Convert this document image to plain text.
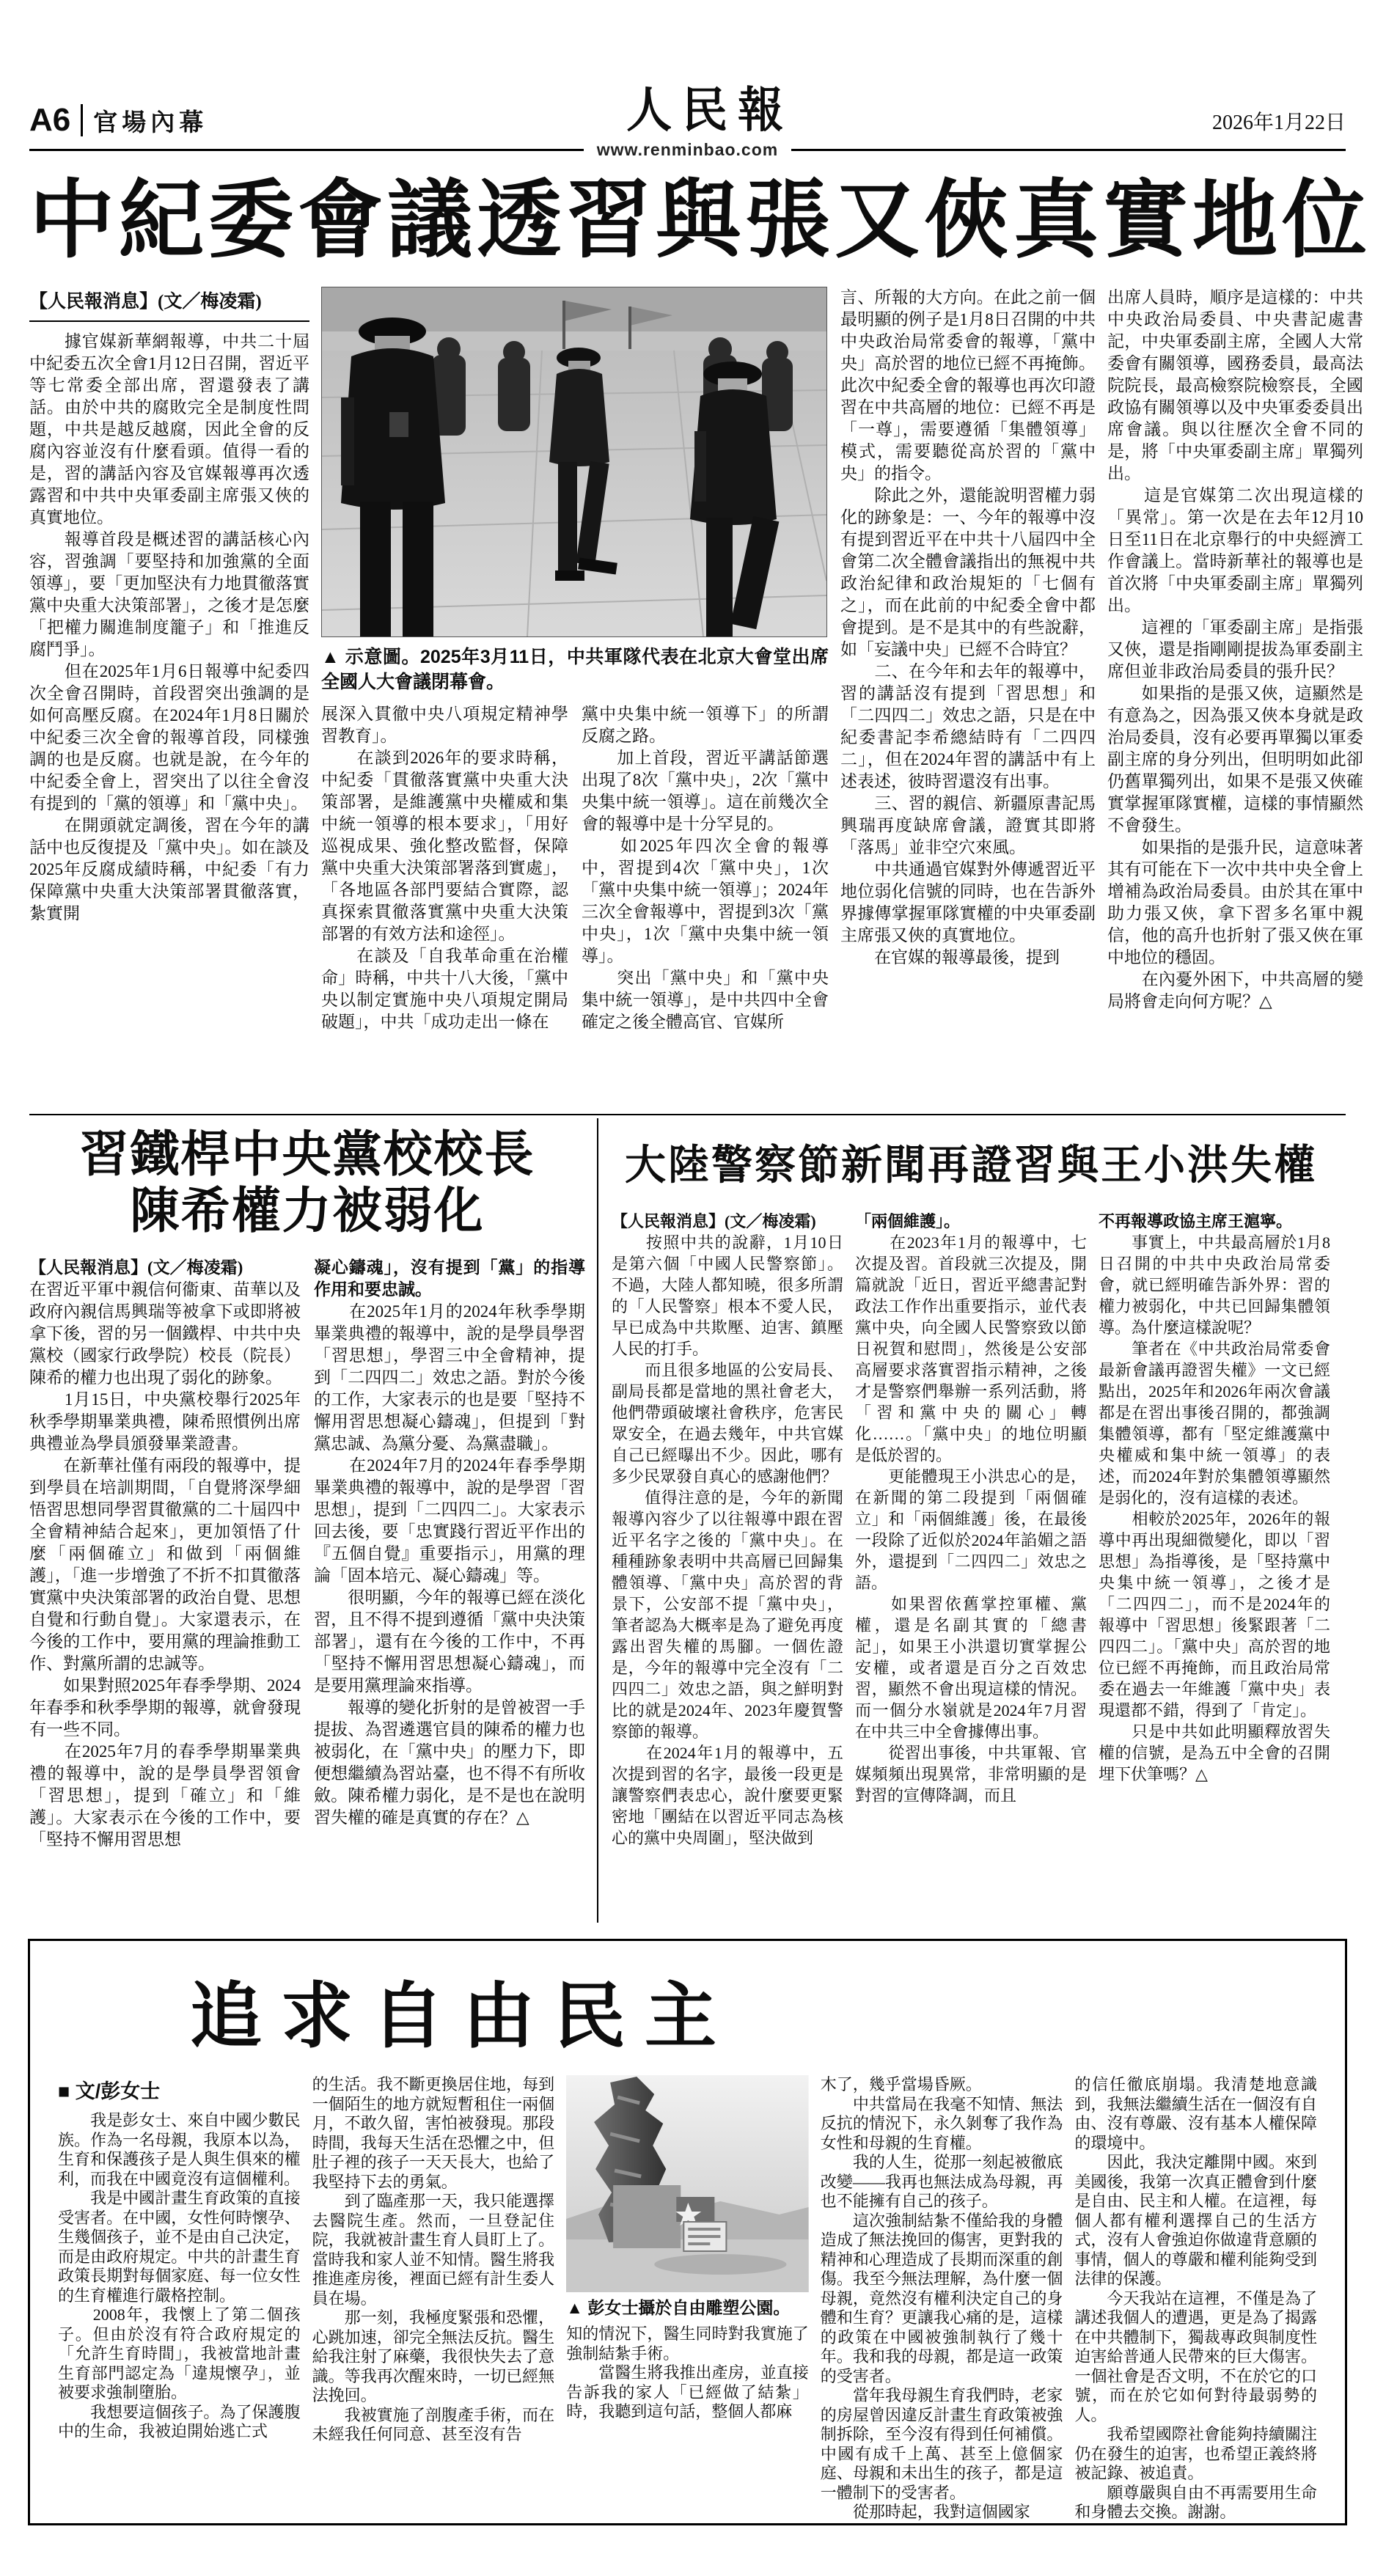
A6 官場內幕	人民報	2026年1月22日
www.renminbao.com
中紀委會議透習與張又俠真實地位
【人民報消息】(文／梅凌霜)

　　據官媒新華網報導，中共二十屆中紀委五次全會1月12日召開，習近平等七常委全部出席，習還發表了講話。由於中共的腐敗完全是制度性問題，中共是越反越腐，因此全會的反腐內容並沒有什麼看頭。值得一看的是，習的講話內容及官媒報導再次透露習和中共中央軍委副主席張又俠的真實地位。

　　報導首段是概述習的講話核心內容，習強調「要堅持和加強黨的全面領導」，要「更加堅決有力地貫徹落實黨中央重大決策部署」，之後才是怎麼「把權力關進制度籠子」和「推進反腐鬥爭」。

　　但在2025年1月6日報導中紀委四次全會召開時，首段習突出強調的是如何高壓反腐。在2024年1月8日關於中紀委三次全會的報導首段，同樣強調的也是反腐。也就是說，在今年的中紀委全會上，習突出了以往全會沒有提到的「黨的領導」和「黨中央」。

　　在開頭就定調後，習在今年的講話中也反復提及「黨中央」。如在談及2025年反腐成績時稱，中紀委「有力保障黨中央重大決策部署貫徹落實，紮實開

▲ 示意圖。2025年3月11日，中共軍隊代表在北京大會堂出席全國人大會議閉幕會。

展深入貫徹中央八項規定精神學習教育」。

　　在談到2026年的要求時稱，中紀委「貫徹落實黨中央重大決策部署，是維護黨中央權威和集中統一領導的根本要求」，「用好巡視成果、強化整改監督，保障黨中央重大決策部署落到實處」，「各地區各部門要結合實際，認真探索貫徹落實黨中央重大決策部署的有效方法和途徑」。

　　在談及「自我革命重在治權命」時稱，中共十八大後，「黨中央以制定實施中央八項規定開局破題」，中共「成功走出一條在

黨中央集中統一領導下」的所謂反腐之路。

　　加上首段，習近平講話節選出現了8次「黨中央」，2次「黨中央集中統一領導」。這在前幾次全會的報導中是十分罕見的。

　　如2025年四次全會的報導中，習提到4次「黨中央」，1次「黨中央集中統一領導」；2024年三次全會報導中，習提到3次「黨中央」，1次「黨中央集中統一領導」。

　　突出「黨中央」和「黨中央集中統一領導」，是中共四中全會確定之後全體高官、官媒所

言、所報的大方向。在此之前一個最明顯的例子是1月8日召開的中共中央政治局常委會的報導，「黨中央」高於習的地位已經不再掩飾。此次中紀委全會的報導也再次印證習在中共高層的地位：已經不再是「一尊」，需要遵循「集體領導」模式，需要聽從高於習的「黨中央」的指令。

　　除此之外，還能說明習權力弱化的跡象是：一、今年的報導中沒有提到習近平在中共十八屆四中全會第二次全體會議指出的無視中共政治紀律和政治規矩的「七個有之」，而在此前的中紀委全會中都會提到。是不是其中的有些說辭，如「妄議中央」已經不合時宜？

　　二、在今年和去年的報導中，習的講話沒有提到「習思想」和「二四四二」效忠之語，只是在中紀委書記李希總結時有「二四四二」，但在2024年習的講話中有上述表述，彼時習還沒有出事。

　　三、習的親信、新疆原書記馬興瑞再度缺席會議，證實其即將「落馬」並非空穴來風。

　　中共通過官媒對外傳遞習近平地位弱化信號的同時，也在告訴外界據傳掌握軍隊實權的中央軍委副主席張又俠的真實地位。

　　在官媒的報導最後，提到

出席人員時，順序是這樣的：中共中央政治局委員、中央書記處書記，中央軍委副主席，全國人大常委會有關領導，國務委員，最高法院院長，最高檢察院檢察長，全國政協有關領導以及中央軍委委員出席會議。與以往歷次全會不同的是，將「中央軍委副主席」單獨列出。

　　這是官媒第二次出現這樣的「異常」。第一次是在去年12月10日至11日在北京舉行的中央經濟工作會議上。當時新華社的報導也是首次將「中央軍委副主席」單獨列出。

　　這裡的「軍委副主席」是指張又俠，還是指剛剛提拔為軍委副主席但並非政治局委員的張升民？

　　如果指的是張又俠，這顯然是有意為之，因為張又俠本身就是政治局委員，沒有必要再單獨以軍委副主席的身分列出，但明明如此卻仍舊單獨列出，如果不是張又俠確實掌握軍隊實權，這樣的事情顯然不會發生。

　　如果指的是張升民，這意味著其有可能在下一次中共中央全會上增補為政治局委員。由於其在軍中助力張又俠，拿下習多名軍中親信，他的高升也折射了張又俠在軍中地位的穩固。

　　在內憂外困下，中共高層的變局將會走向何方呢？△

習鐵桿中央黨校校長
陳希權力被弱化

【人民報消息】(文／梅凌霜)

在習近平軍中親信何衞東、苗華以及政府內親信馬興瑞等被拿下或即將被拿下後，習的另一個鐵桿、中共中央黨校（國家行政學院）校長（院長）陳希的權力也出現了弱化的跡象。

　　1月15日，中央黨校舉行2025年秋季學期畢業典禮，陳希照慣例出席典禮並為學員頒發畢業證書。

　　在新華社僅有兩段的報導中，提到學員在培訓期間，「自覺將深學細悟習思想同學習貫徹黨的二十屆四中全會精神結合起來」，更加領悟了什麼「兩個確立」和做到「兩個維護」，「進一步增強了不折不扣貫徹落實黨中央決策部署的政治自覺、思想自覺和行動自覺」。大家還表示，在今後的工作中，要用黨的理論推動工作、對黨所謂的忠誠等。

　　如果對照2025年春季學期、2024年春季和秋季學期的報導，就會發現有一些不同。

　　在2025年7月的春季學期畢業典禮的報導中，說的是學員學習領會「習思想」，提到「確立」和「維護」。大家表示在今後的工作中，要「堅持不懈用習思想

凝心鑄魂」，沒有提到「黨」的指導作用和要忠誠。

　　在2025年1月的2024年秋季學期畢業典禮的報導中，說的是學員學習「習思想」，學習三中全會精神，提到「二四四二」效忠之語。對於今後的工作，大家表示的也是要「堅持不懈用習思想凝心鑄魂」，但提到「對黨忠誠、為黨分憂、為黨盡職」。

　　在2024年7月的2024年春季學期畢業典禮的報導中，說的是學習「習思想」，提到「二四四二」。大家表示回去後，要「忠實踐行習近平作出的『五個自覺』重要指示」，用黨的理論「固本培元、凝心鑄魂」等。

　　很明顯，今年的報導已經在淡化習，且不得不提到遵循「黨中央決策部署」，還有在今後的工作中，不再「堅持不懈用習思想凝心鑄魂」，而是要用黨理論來指導。

　　報導的變化折射的是曾被習一手提拔、為習遴選官員的陳希的權力也被弱化，在「黨中央」的壓力下，即便想繼續為習站臺，也不得不有所收斂。陳希權力弱化，是不是也在說明習失權的確是真實的存在？△

大陸警察節新聞再證習與王小洪失權

【人民報消息】(文／梅凌霜)

　　按照中共的說辭，1月10日是第六個「中國人民警察節」。不過，大陸人都知曉，很多所謂的「人民警察」根本不愛人民，早已成為中共欺壓、迫害、鎮壓人民的打手。

　　而且很多地區的公安局長、副局長都是當地的黑社會老大，他們帶頭破壞社會秩序，危害民眾安全，在過去幾年，中共官媒自己已經曝出不少。因此，哪有多少民眾發自真心的感謝他們？

　　值得注意的是，今年的新聞報導內容少了以往報導中跟在習近平名字之後的「黨中央」。在種種跡象表明中共高層已回歸集體領導、「黨中央」高於習的背景下，公安部不提「黨中央」，筆者認為大概率是為了避免再度露出習失權的馬腳。一個佐證是，今年的報導中完全沒有「二四四二」效忠之語，與之鮮明對比的就是2024年、2023年慶賀警察節的報導。

　　在2024年1月的報導中，五次提到習的名字，最後一段更是讓警察們表忠心，說什麼要更緊密地「團結在以習近平同志為核心的黨中央周圍」，堅決做到

「兩個維護」。

　　在2023年1月的報導中，七次提及習。首段就三次提及，開篇就說「近日，習近平總書記對政法工作作出重要指示，並代表黨中央，向全國人民警察致以節日祝賀和慰問」，然後是公安部高層要求落實習指示精神，之後才是警察們舉辦一系列活動，將「習和黨中央的關心」轉化……。「黨中央」的地位明顯是低於習的。

　　更能體現王小洪忠心的是，在新聞的第二段提到「兩個確立」和「兩個維護」後，在最後一段除了近似於2024年諂媚之語外，還提到「二四四二」效忠之語。

　　如果習依舊掌控軍權、黨權，還是名副其實的「總書記」，如果王小洪還切實掌握公安權，或者還是百分之百效忠習，顯然不會出現這樣的情況。而一個分水嶺就是2024年7月習在中共三中全會據傳出事。

　　從習出事後，中共軍報、官媒頻頻出現異常，非常明顯的是對習的宣傳降調，而且

不再報導政協主席王滬寧。

　　事實上，中共最高層於1月8日召開的中共中央政治局常委會，就已經明確告訴外界：習的權力被弱化，中共已回歸集體領導。為什麼這樣說呢？

　　筆者在《中共政治局常委會最新會議再證習失權》一文已經點出，2025年和2026年兩次會議都是在習出事後召開的，都強調集體領導，都有「堅定維護黨中央權威和集中統一領導」的表述，而2024年對於集體領導顯然是弱化的，沒有這樣的表述。

　　相較於2025年，2026年的報導中再出現細微變化，即以「習思想」為指導後，是「堅持黨中央集中統一領導」，之後才是「二四四二」，而不是2024年的報導中「習思想」後緊跟著「二四四二」。「黨中央」高於習的地位已經不再掩飾，而且政治局常委在過去一年維護「黨中央」表現還都不錯，得到了「肯定」。

　　只是中共如此明顯釋放習失權的信號，是為五中全會的召開埋下伏筆嗎？△

追求自由民主
■ 文/彭女士

　　我是彭女士、來自中國少數民族。作為一名母親，我原本以為，生育和保護孩子是人與生俱來的權利，而我在中國竟沒有這個權利。

　　我是中國計畫生育政策的直接受害者。在中國，女性何時懷孕、生幾個孩子，並不是由自己決定，而是由政府規定。中共的計畫生育政策長期對每個家庭、每一位女性的生育權進行嚴格控制。

　　2008年，我懷上了第二個孩子。但由於沒有符合政府規定的「允許生育時間」，我被當地計畫生育部門認定為「違規懷孕」，並被要求強制墮胎。

　　我想要這個孩子。為了保護腹中的生命，我被迫開始逃亡式

的生活。我不斷更換居住地，每到一個陌生的地方就短暫租住一兩個月，不敢久留，害怕被發現。那段時間，我每天生活在恐懼之中，但肚子裡的孩子一天天長大，也給了我堅持下去的勇氣。

　　到了臨產那一天，我只能選擇去醫院生產。然而，一旦登記住院，我就被計畫生育人員盯上了。當時我和家人並不知情。醫生將我推進產房後，裡面已經有計生委人員在場。

　　那一刻，我極度緊張和恐懼，心跳加速，卻完全無法反抗。醫生給我注射了麻藥，我很快失去了意識。等我再次醒來時，一切已經無法挽回。

　　我被實施了剖腹產手術，而在未經我任何同意、甚至沒有告

▲ 彭女士攝於自由雕塑公園。

知的情況下，醫生同時對我實施了強制結紮手術。

　　當醫生將我推出產房，並直接告訴我的家人「已經做了結紮」時，我聽到這句話，整個人都麻

木了，幾乎當場昏厥。

　　中共當局在我毫不知情、無法反抗的情況下，永久剝奪了我作為女性和母親的生育權。

　　我的人生，從那一刻起被徹底改變——我再也無法成為母親，再也不能擁有自己的孩子。

　　這次強制結紮不僅給我的身體造成了無法挽回的傷害，更對我的精神和心理造成了長期而深重的創傷。我至今無法理解，為什麼一個母親，竟然沒有權利決定自己的身體和生育？更讓我心痛的是，這樣的政策在中國被強制執行了幾十年。我和我的母親，都是這一政策的受害者。

　　當年我母親生育我們時，老家的房屋曾因違反計畫生育政策被強制拆除，至今沒有得到任何補償。中國有成千上萬、甚至上億個家庭、母親和未出生的孩子，都是這一體制下的受害者。

　　從那時起，我對這個國家

的信任徹底崩塌。我清楚地意識到，我無法繼續生活在一個沒有自由、沒有尊嚴、沒有基本人權保障的環境中。

　　因此，我決定離開中國。來到美國後，我第一次真正體會到什麼是自由、民主和人權。在這裡，每個人都有權利選擇自己的生活方式，沒有人會強迫你做違背意願的事情，個人的尊嚴和權利能夠受到法律的保護。

　　今天我站在這裡，不僅是為了講述我個人的遭遇，更是為了揭露在中共體制下，獨裁專政與制度性迫害給普通人民帶來的巨大傷害。一個社會是否文明，不在於它的口號，而在於它如何對待最弱勢的人。

　　我希望國際社會能夠持續關注仍在發生的迫害，也希望正義終將被記錄、被追責。

　　願尊嚴與自由不再需要用生命和身體去交換。謝謝。
